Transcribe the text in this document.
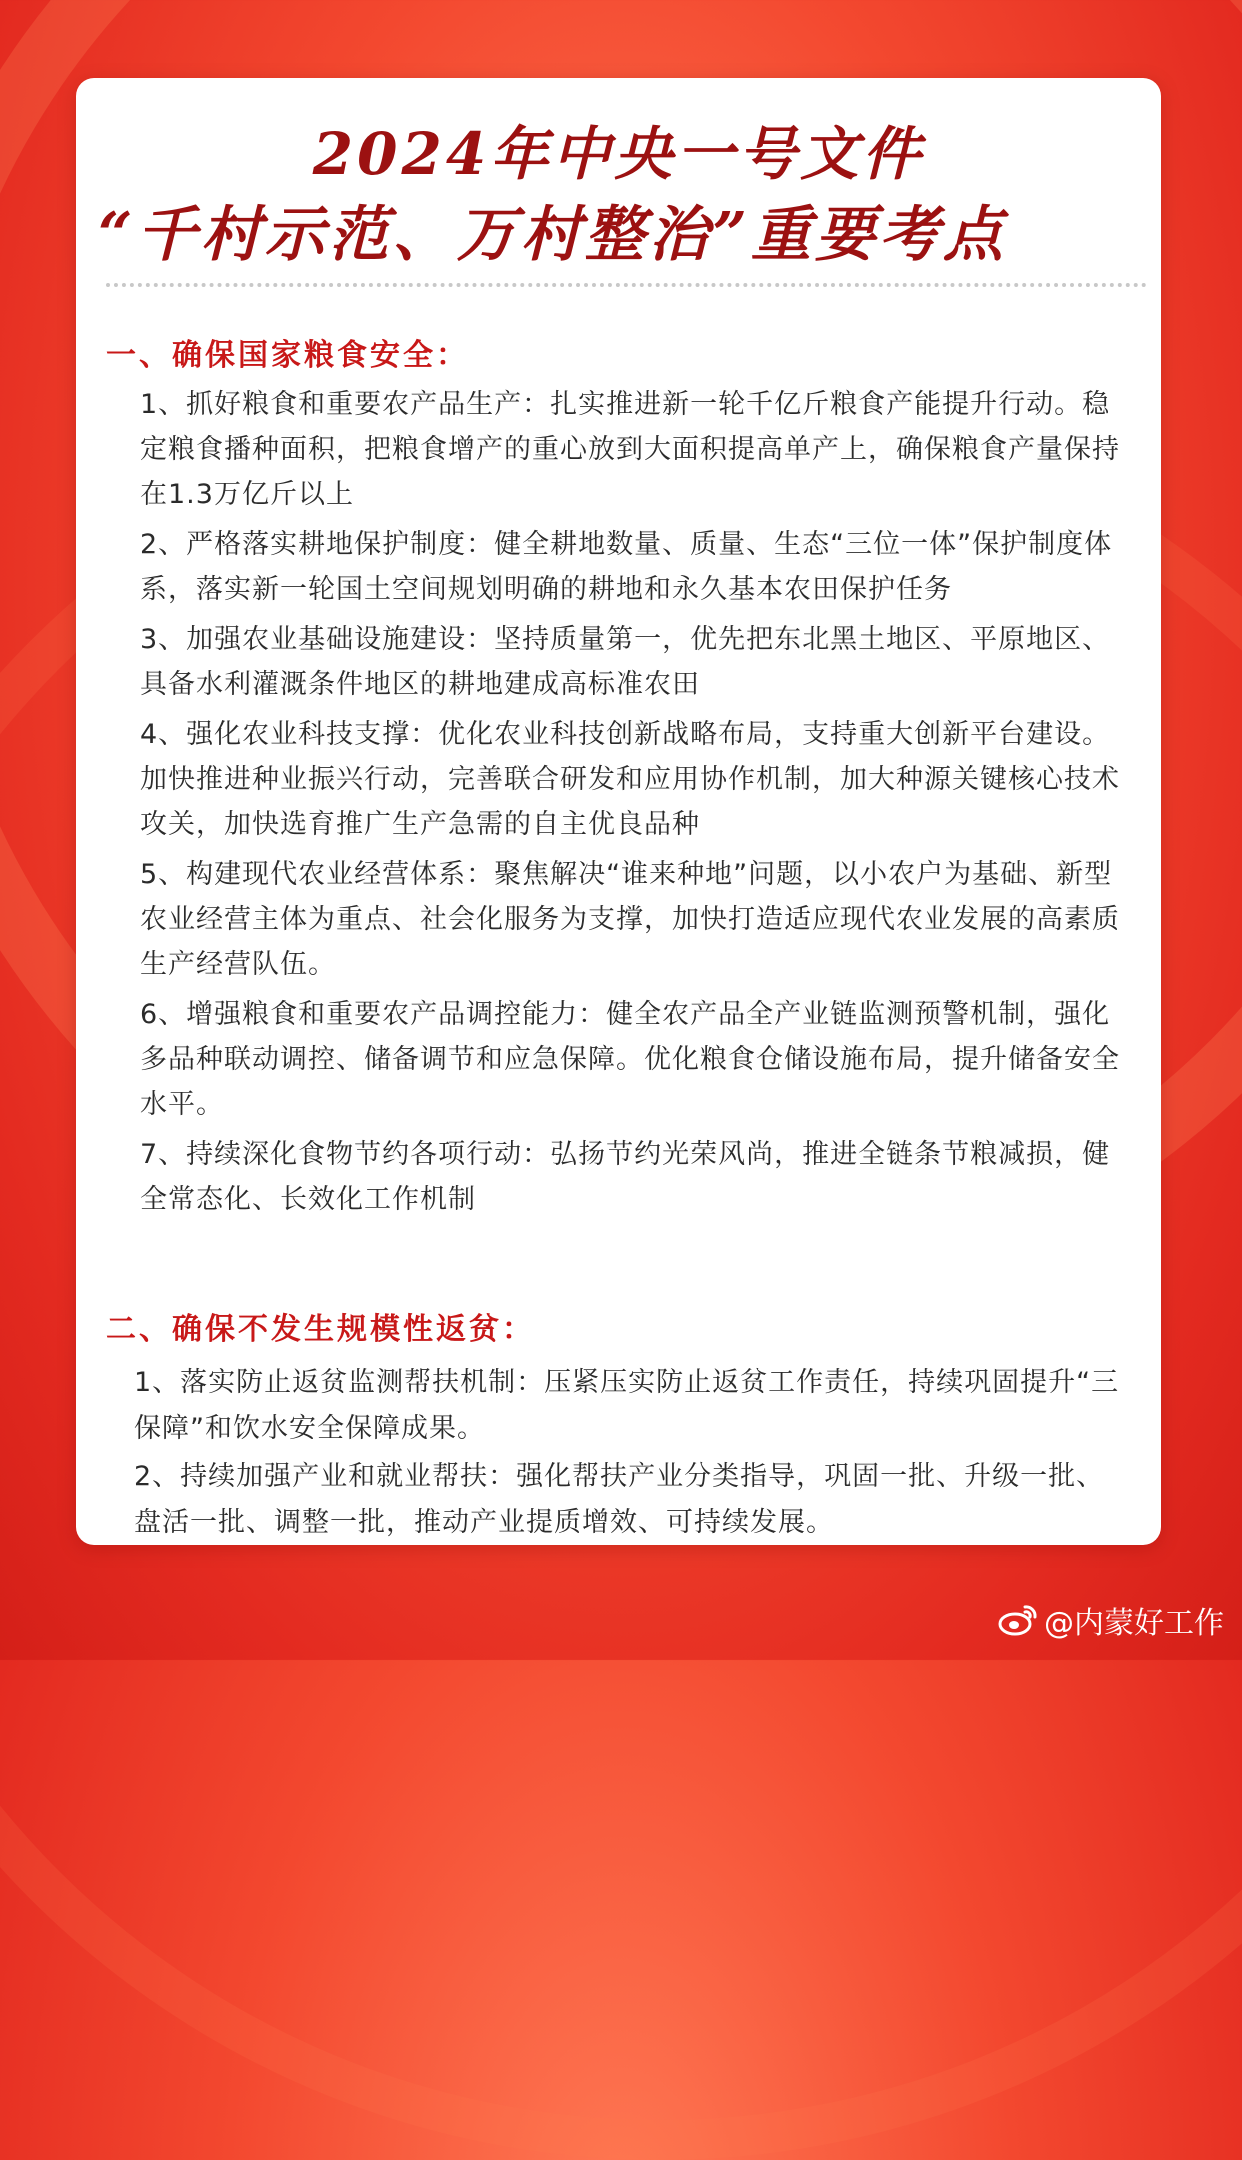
2024年中央一号文件
“千村示范、万村整治”重要考点
一、确保国家粮食安全：

1、抓好粮食和重要农产品生产：扎实推进新一轮千亿斤粮食产能提升行动。稳定粮食播种面积，把粮食增产的重心放到大面积提高单产上，确保粮食产量保持在1.3万亿斤以上

2、严格落实耕地保护制度：健全耕地数量、质量、生态“三位一体”保护制度体系，落实新一轮国土空间规划明确的耕地和永久基本农田保护任务

3、加强农业基础设施建设：坚持质量第一，优先把东北黑土地区、平原地区、具备水利灌溉条件地区的耕地建成高标准农田

4、强化农业科技支撑：优化农业科技创新战略布局，支持重大创新平台建设。加快推进种业振兴行动，完善联合研发和应用协作机制，加大种源关键核心技术攻关，加快选育推广生产急需的自主优良品种

5、构建现代农业经营体系：聚焦解决“谁来种地”问题，以小农户为基础、新型农业经营主体为重点、社会化服务为支撑，加快打造适应现代农业发展的高素质生产经营队伍。

6、增强粮食和重要农产品调控能力：健全农产品全产业链监测预警机制，强化多品种联动调控、储备调节和应急保障。优化粮食仓储设施布局，提升储备安全水平。

7、持续深化食物节约各项行动：弘扬节约光荣风尚，推进全链条节粮减损，健全常态化、长效化工作机制

二、确保不发生规模性返贫：

1、落实防止返贫监测帮扶机制：压紧压实防止返贫工作责任，持续巩固提升“三保障”和饮水安全保障成果。

2、持续加强产业和就业帮扶：强化帮扶产业分类指导，巩固一批、升级一批、盘活一批、调整一批，推动产业提质增效、可持续发展。

@内蒙好工作
